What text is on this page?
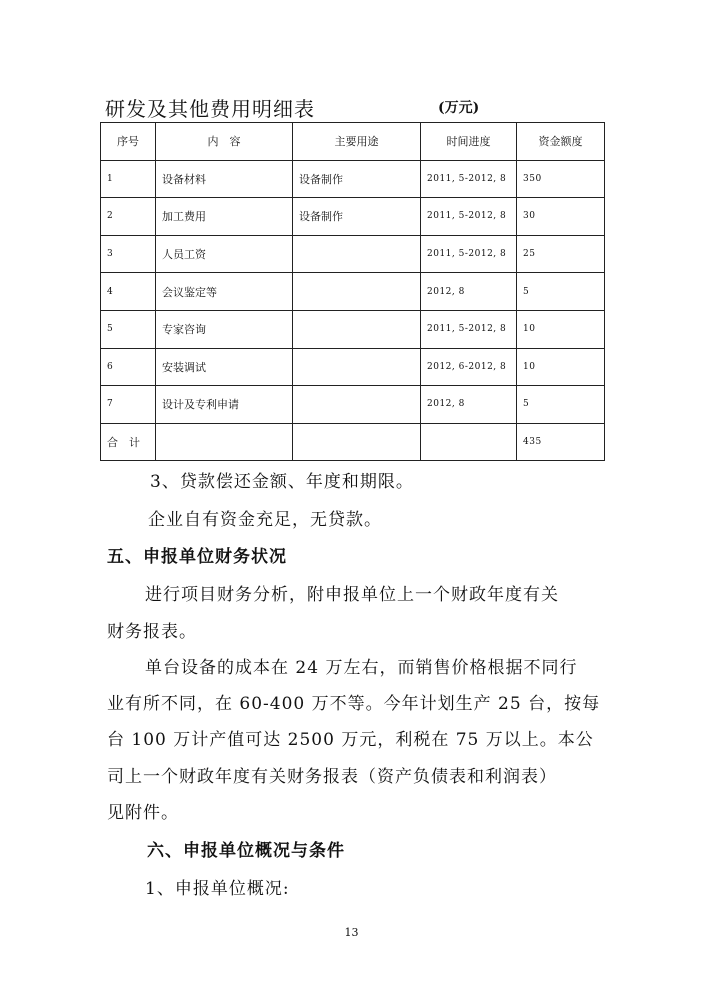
研发及其他费用明细表	(万元)
序号	内　容	主要用途	时间进度	资金额度
1	设备材料	设备制作	2011, 5-2012, 8	350
2	加工费用	设备制作	2011, 5-2012, 8	30
3	人员工资		2011, 5-2012, 8	25
4	会议鉴定等		2012, 8	5
5	专家咨询		2011, 5-2012, 8	10
6	安装调试		2012, 6-2012, 8	10
7	设计及专利申请		2012, 8	5
合　计				435
3、贷款偿还金额、年度和期限。
企业自有资金充足，无贷款。
五、申报单位财务状况
进行项目财务分析，附申报单位上一个财政年度有关
财务报表。
单台设备的成本在 24 万左右，而销售价格根据不同行
业有所不同，在 60-400 万不等。今年计划生产 25 台，按每
台 100 万计产值可达 2500 万元，利税在 75 万以上。本公
司上一个财政年度有关财务报表（资产负债表和利润表）
见附件。
六、申报单位概况与条件
1、申报单位概况:
13
